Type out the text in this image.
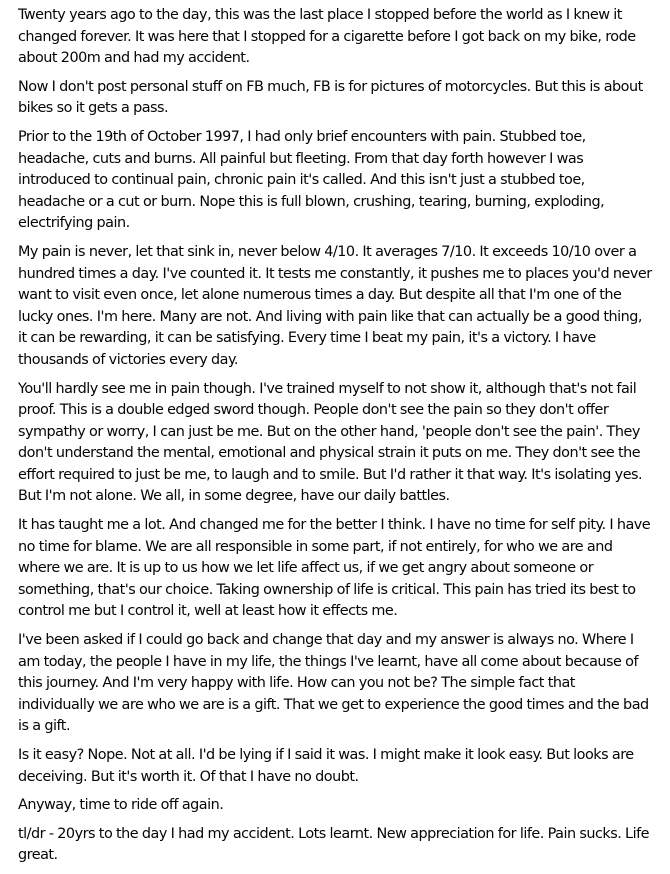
Twenty years ago to the day, this was the last place I stopped before the world as I knew it changed forever. It was here that I stopped for a cigarette before I got back on my bike, rode about 200m and had my accident.

Now I don't post personal stuff on FB much, FB is for pictures of motorcycles. But this is about bikes so it gets a pass.

Prior to the 19th of October 1997, I had only brief encounters with pain. Stubbed toe, headache, cuts and burns. All painful but fleeting. From that day forth however I was introduced to continual pain, chronic pain it's called. And this isn't just a stubbed toe, headache or a cut or burn. Nope this is full blown, crushing, tearing, burning, exploding, electrifying pain.

My pain is never, let that sink in, never below 4/10. It averages 7/10. It exceeds 10/10 over a hundred times a day. I've counted it. It tests me constantly, it pushes me to places you'd never want to visit even once, let alone numerous times a day. But despite all that I'm one of the lucky ones. I'm here. Many are not. And living with pain like that can actually be a good thing, it can be rewarding, it can be satisfying. Every time I beat my pain, it's a victory. I have thousands of victories every day.

You'll hardly see me in pain though. I've trained myself to not show it, although that's not fail proof. This is a double edged sword though. People don't see the pain so they don't offer sympathy or worry, I can just be me. But on the other hand, 'people don't see the pain'. They don't understand the mental, emotional and physical strain it puts on me. They don't see the effort required to just be me, to laugh and to smile. But I'd rather it that way. It's isolating yes. But I'm not alone. We all, in some degree, have our daily battles.

It has taught me a lot. And changed me for the better I think. I have no time for self pity. I have no time for blame. We are all responsible in some part, if not entirely, for who we are and where we are. It is up to us how we let life affect us, if we get angry about someone or something, that's our choice. Taking ownership of life is critical. This pain has tried its best to control me but I control it, well at least how it effects me.

I've been asked if I could go back and change that day and my answer is always no. Where I am today, the people I have in my life, the things I've learnt, have all come about because of this journey. And I'm very happy with life. How can you not be? The simple fact that individually we are who we are is a gift. That we get to experience the good times and the bad is a gift.

Is it easy? Nope. Not at all. I'd be lying if I said it was. I might make it look easy. But looks are deceiving. But it's worth it. Of that I have no doubt.

Anyway, time to ride off again.

tl/dr - 20yrs to the day I had my accident. Lots learnt. New appreciation for life. Pain sucks. Life great.
